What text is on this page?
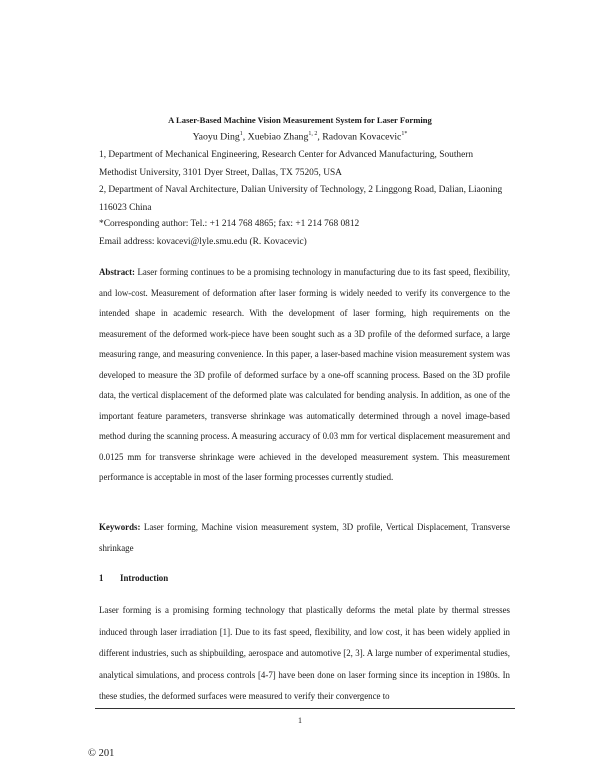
A Laser-Based Machine Vision Measurement System for Laser Forming
Yaoyu Ding$^1$, Xuebiao Zhang$^{1, 2}$, Radovan Kovacevic$^{1*}$
1, Department of Mechanical Engineering, Research Center for Advanced Manufacturing, Southern Methodist University, 3101 Dyer Street, Dallas, TX 75205, USA
2, Department of Naval Architecture, Dalian University of Technology, 2 Linggong Road, Dalian, Liaoning 116023 China
*Corresponding author: Tel.: +1 214 768 4865; fax: +1 214 768 0812
Email address: kovacevi@lyle.smu.edu (R. Kovacevic)
Abstract: Laser forming continues to be a promising technology in manufacturing due to its fast speed, flexibility, and low-cost. Measurement of deformation after laser forming is widely needed to verify its convergence to the intended shape in academic research. With the development of laser forming, high requirements on the measurement of the deformed work-piece have been sought such as a 3D profile of the deformed surface, a large measuring range, and measuring convenience. In this paper, a laser-based machine vision measurement system was developed to measure the 3D profile of deformed surface by a one-off scanning process. Based on the 3D profile data, the vertical displacement of the deformed plate was calculated for bending analysis. In addition, as one of the important feature parameters, transverse shrinkage was automatically determined through a novel image-based method during the scanning process. A measuring accuracy of 0.03 mm for vertical displacement measurement and 0.0125 mm for transverse shrinkage were achieved in the developed measurement system. This measurement performance is acceptable in most of the laser forming processes currently studied.
Keywords: Laser forming, Machine vision measurement system, 3D profile, Vertical Displacement, Transverse shrinkage
1 Introduction
Laser forming is a promising forming technology that plastically deforms the metal plate by thermal stresses induced through laser irradiation [1]. Due to its fast speed, flexibility, and low cost, it has been widely applied in different industries, such as shipbuilding, aerospace and automotive [2, 3]. A large number of experimental studies, analytical simulations, and process controls [4-7] have been done on laser forming since its inception in 1980s. In these studies, the deformed surfaces were measured to verify their convergence to
1
© 201
